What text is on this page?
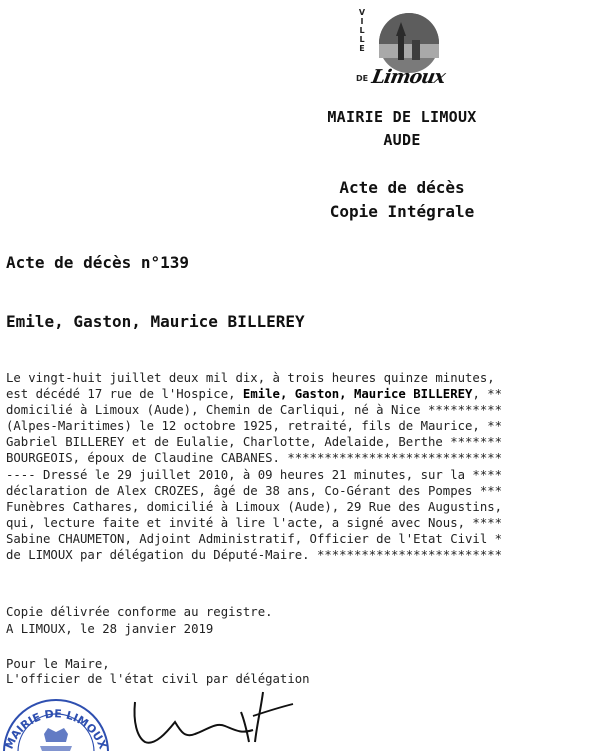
V
I
L
L
E
DE Limoux
MAIRIE DE LIMOUX
AUDE
Acte de décès
Copie Intégrale
Acte de décès n°139
Emile, Gaston, Maurice BILLEREY
Le vingt-huit juillet deux mil dix, à trois heures quinze minutes,
est décédé 17 rue de l'Hospice, Emile, Gaston, Maurice BILLEREY, **
domicilié à Limoux (Aude), Chemin de Carliqui, né à Nice **********
(Alpes-Maritimes) le 12 octobre 1925, retraité, fils de Maurice, **
Gabriel BILLEREY et de Eulalie, Charlotte, Adelaide, Berthe *******
BOURGEOIS, époux de Claudine CABANES. *****************************
---- Dressé le 29 juillet 2010, à 09 heures 21 minutes, sur la ****
déclaration de Alex CROZES, âgé de 38 ans, Co-Gérant des Pompes ***
Funèbres Cathares, domicilié à Limoux (Aude), 29 Rue des Augustins,
qui, lecture faite et invité à lire l'acte, a signé avec Nous, ****
Sabine CHAUMETON, Adjoint Administratif, Officier de l'Etat Civil *
de LIMOUX par délégation du Député-Maire. *************************
Copie délivrée conforme au registre.
A LIMOUX, le 28 janvier 2019
Pour le Maire,
L'officier de l'état civil par délégation
MAIRIE DE LIMOUX
